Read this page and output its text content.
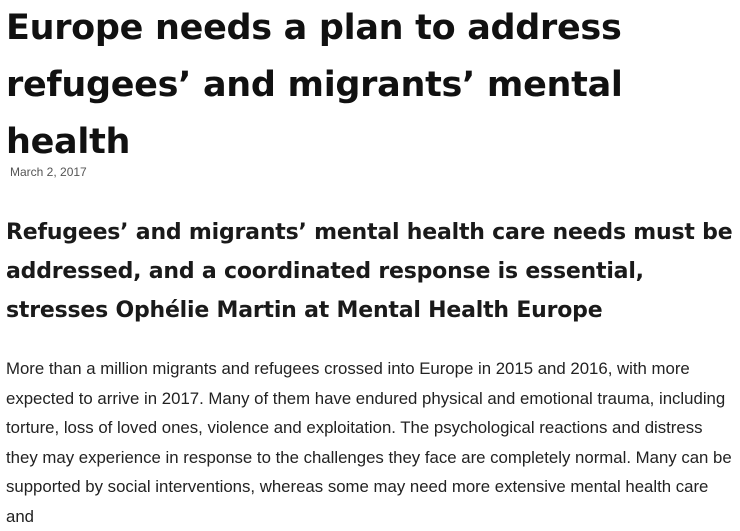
Europe needs a plan to address refugees’ and migrants’ mental health

March 2, 2017

Refugees’ and migrants’ mental health care needs must be addressed, and a coordinated response is essential, stresses Ophélie Martin at Mental Health Europe

More than a million migrants and refugees crossed into Europe in 2015 and 2016, with more expected to arrive in 2017. Many of them have endured physical and emotional trauma, including torture, loss of loved ones, violence and exploitation. The psychological reactions and distress they may experience in response to the challenges they face are completely normal. Many can be supported by social interventions, whereas some may need more extensive mental health care and
